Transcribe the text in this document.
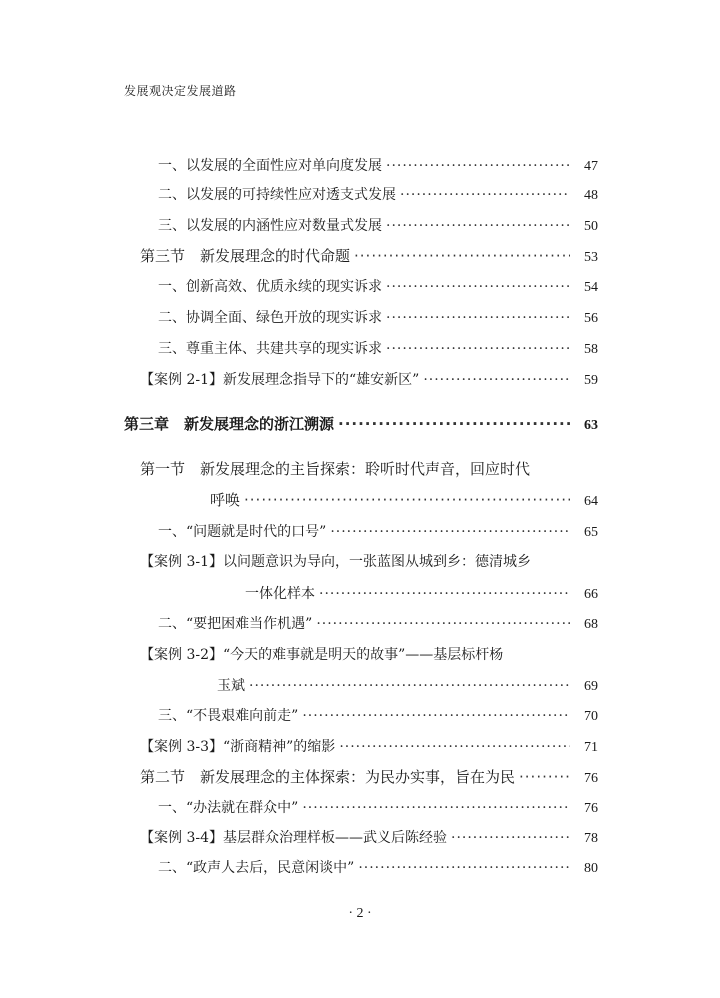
发展观决定发展道路
一、以发展的全面性应对单向度发展 ·····	47
二、以发展的可持续性应对透支式发展 ·····	48
三、以发展的内涵性应对数量式发展 ·····	50
第三节　新发展理念的时代命题 ·····	53
一、创新高效、优质永续的现实诉求 ·····	54
二、协调全面、绿色开放的现实诉求 ·····	56
三、尊重主体、共建共享的现实诉求 ·····	58
【案例 2-1】新发展理念指导下的“雄安新区” ·····	59
第三章　新发展理念的浙江溯源 ·····	63
第一节　新发展理念的主旨探索：聆听时代声音，回应时代
呼唤 ·····	64
一、“问题就是时代的口号” ·····	65
【案例 3-1】以问题意识为导向，一张蓝图从城到乡：德清城乡
一体化样本 ·····	66
二、“要把困难当作机遇” ·····	68
【案例 3-2】“今天的难事就是明天的故事”——基层标杆杨
玉斌 ·····	69
三、“不畏艰难向前走” ·····	70
【案例 3-3】“浙商精神”的缩影 ·····	71
第二节　新发展理念的主体探索：为民办实事，旨在为民 ·····	76
一、“办法就在群众中” ·····	76
【案例 3-4】基层群众治理样板——武义后陈经验 ·····	78
二、“政声人去后，民意闲谈中” ·····	80
· 2 ·
